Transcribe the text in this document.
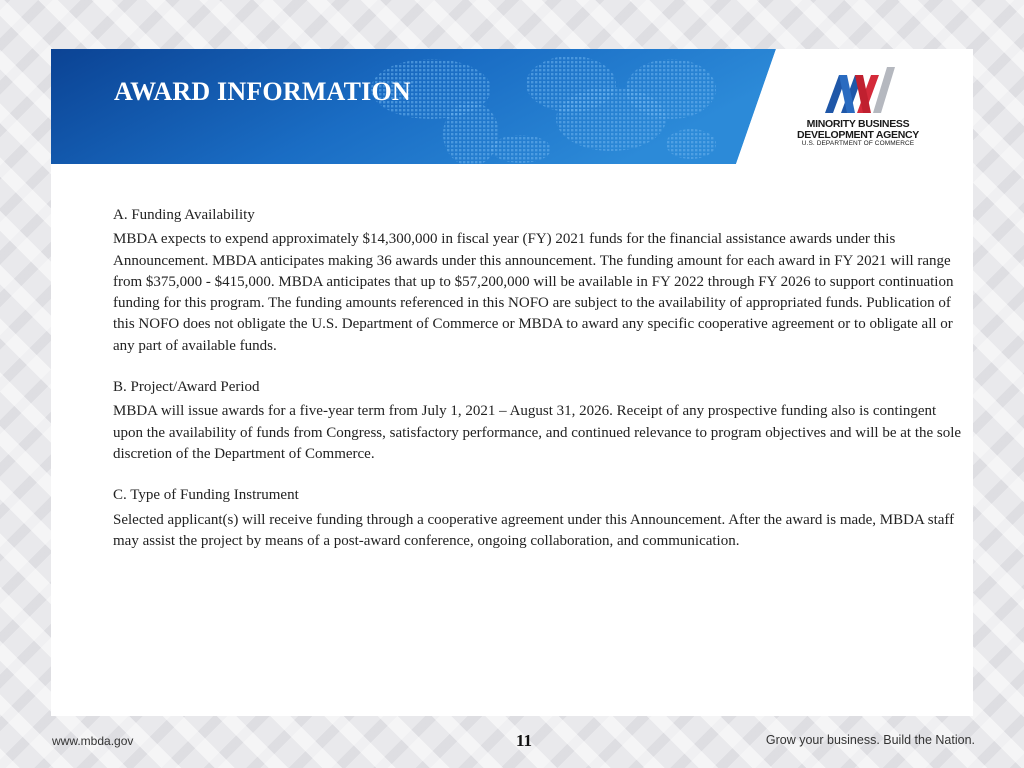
AWARD INFORMATION
MINORITY BUSINESS
DEVELOPMENT AGENCY
U.S. DEPARTMENT OF COMMERCE
A. Funding Availability

MBDA expects to expend approximately $14,300,000 in fiscal year (FY) 2021 funds for the financial assistance awards under this Announcement. MBDA anticipates making 36 awards under this announcement. The funding amount for each award in FY 2021 will range from $375,000 - $415,000. MBDA anticipates that up to $57,200,000 will be available in FY 2022 through FY 2026 to support continuation funding for this program. The funding amounts referenced in this NOFO are subject to the availability of appropriated funds. Publication of this NOFO does not obligate the U.S. Department of Commerce or MBDA to award any specific cooperative agreement or to obligate all or any part of available funds.

B. Project/Award Period

MBDA will issue awards for a five-year term from July 1, 2021 – August 31, 2026. Receipt of any prospective funding also is contingent upon the availability of funds from Congress, satisfactory performance, and continued relevance to program objectives and will be at the sole discretion of the Department of Commerce.

C. Type of Funding Instrument

Selected applicant(s) will receive funding through a cooperative agreement under this Announcement. After the award is made, MBDA staff may assist the project by means of a post-award conference, ongoing collaboration, and communication.

www.mbda.gov	11	Grow your business. Build the Nation.
